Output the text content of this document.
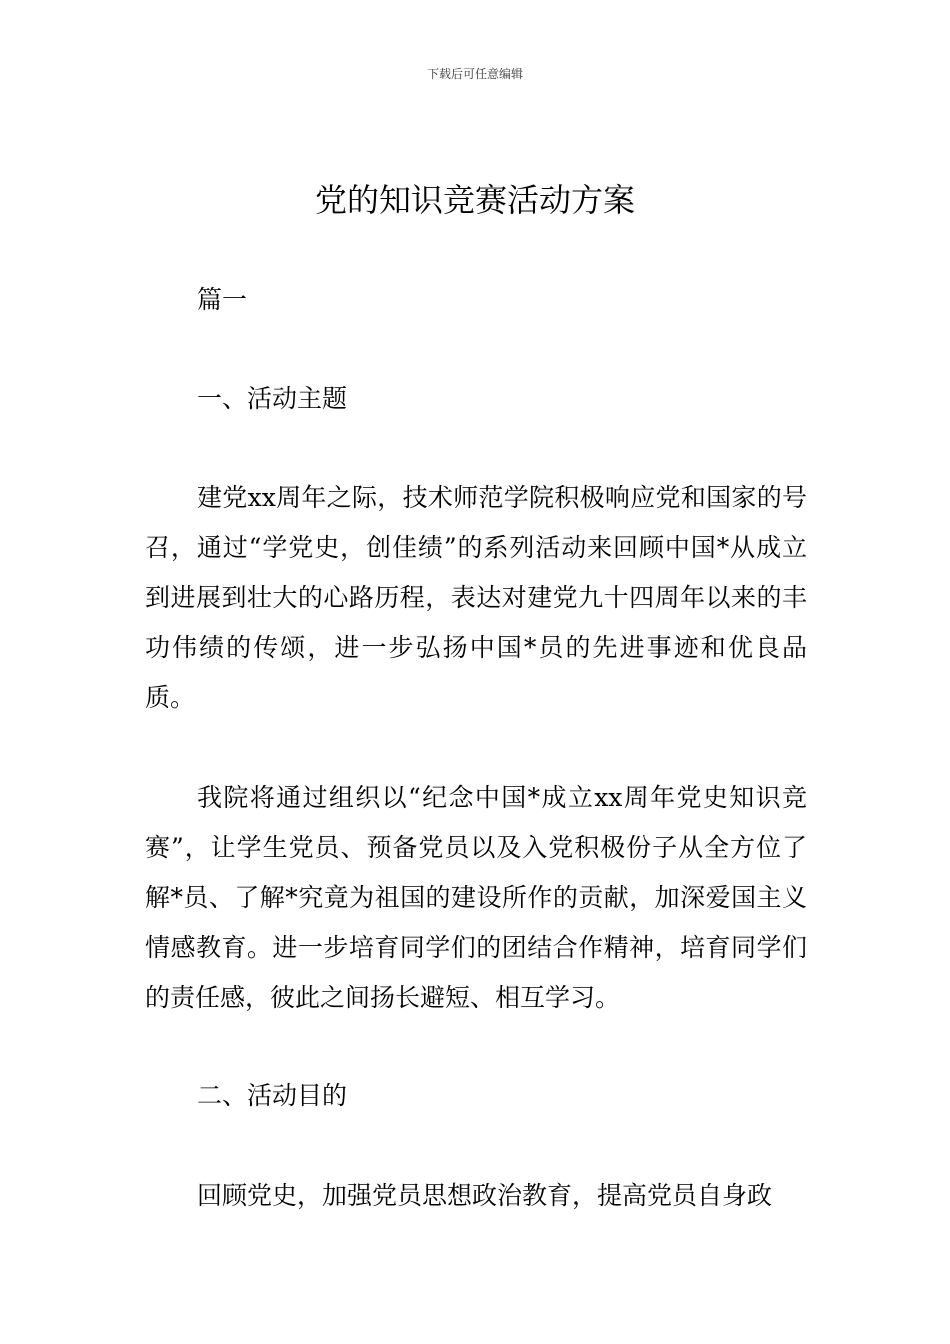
下载后可任意编辑
党的知识竞赛活动方案

篇一

一、活动主题

建党xx周年之际，技术师范学院积极响应党和国家的号召，通过“学党史，创佳绩”的系列活动来回顾中国*从成立到进展到壮大的心路历程，表达对建党九十四周年以来的丰功伟绩的传颂，进一步弘扬中国*员的先进事迹和优良品质。

我院将通过组织以“纪念中国*成立xx周年党史知识竞赛”，让学生党员、预备党员以及入党积极份子从全方位了解*员、了解*究竟为祖国的建设所作的贡献，加深爱国主义情感教育。进一步培育同学们的团结合作精神，培育同学们的责任感，彼此之间扬长避短、相互学习。

二、活动目的

回顾党史，加强党员思想政治教育，提高党员自身政
